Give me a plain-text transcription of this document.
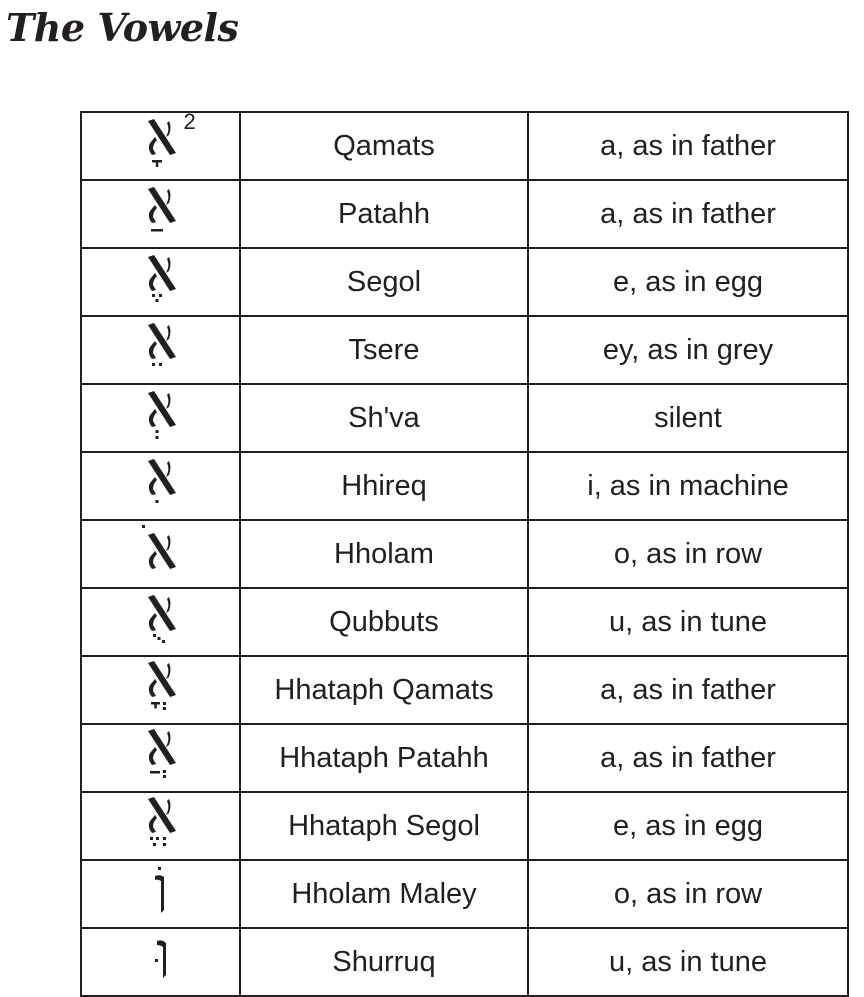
The Vowels
2	Qamats	a, as in father

	Patahh	a, as in father

	Segol	e, as in egg

	Tsere	ey, as in grey

	Sh'va	silent

	Hhireq	i, as in machine

	Hholam	o, as in row

	Qubbuts	u, as in tune

	Hhataph Qamats	a, as in father

	Hhataph Patahh	a, as in father

	Hhataph Segol	e, as in egg

	Hholam Maley	o, as in row

	Shurruq	u, as in tune
